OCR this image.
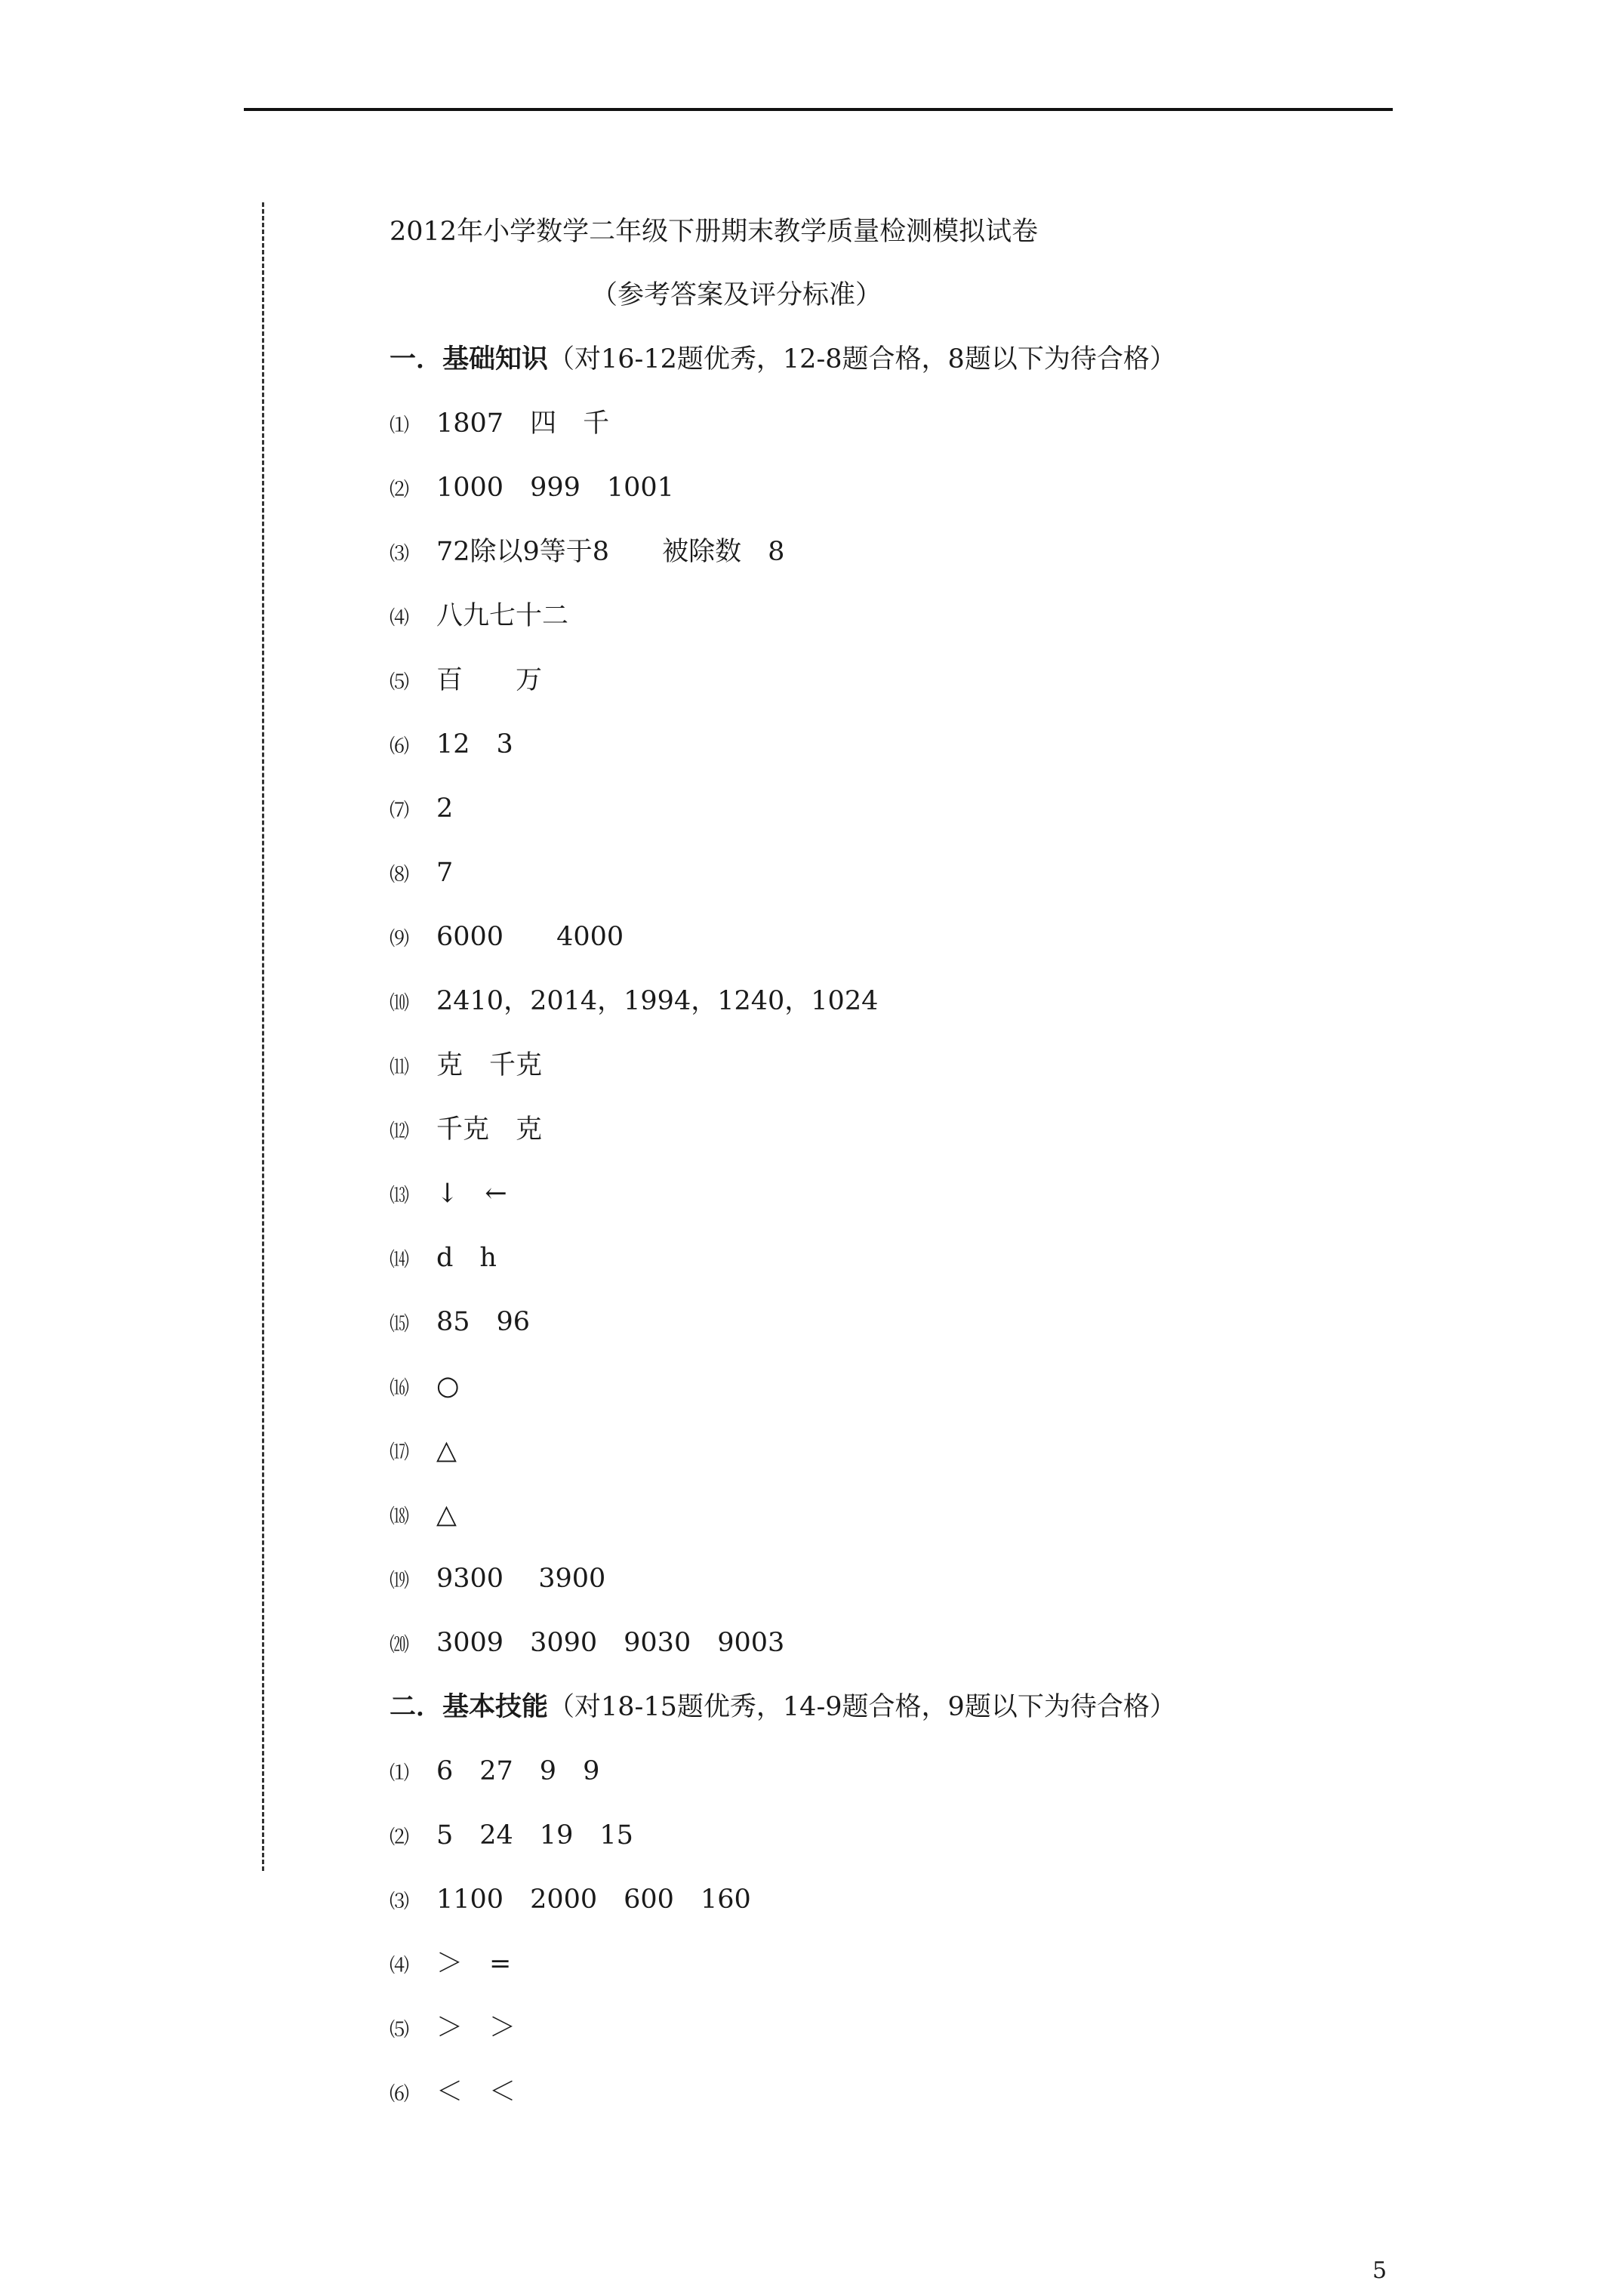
2012年小学数学二年级下册期末教学质量检测模拟试卷
（参考答案及评分标准）
一．基础知识（对16-12题优秀，12-8题合格，8题以下为待合格）
⑴ 1807　四　千
⑵ 1000　999　1001
⑶ 72除以9等于8　　被除数　8
⑷ 八九七十二
⑸ 百　　万
⑹ 12　3
⑺ 2
⑻ 7
⑼ 6000　　4000
⑽ 2410，2014，1994，1240，1024
⑾ 克　千克
⑿ 千克　克
⒀ ↓　←
⒁ d　h
⒂ 85　96
⒃ ○
⒄ △
⒅ △
⒆ 9300　 3900
⒇ 3009　3090　9030　9003
二．基本技能（对18-15题优秀，14-9题合格，9题以下为待合格）
⑴ 6　27　9　9
⑵ 5　24　19　15
⑶ 1100　2000　600　160
⑷ ＞　=
⑸ ＞　＞
⑹ ＜　＜
5
